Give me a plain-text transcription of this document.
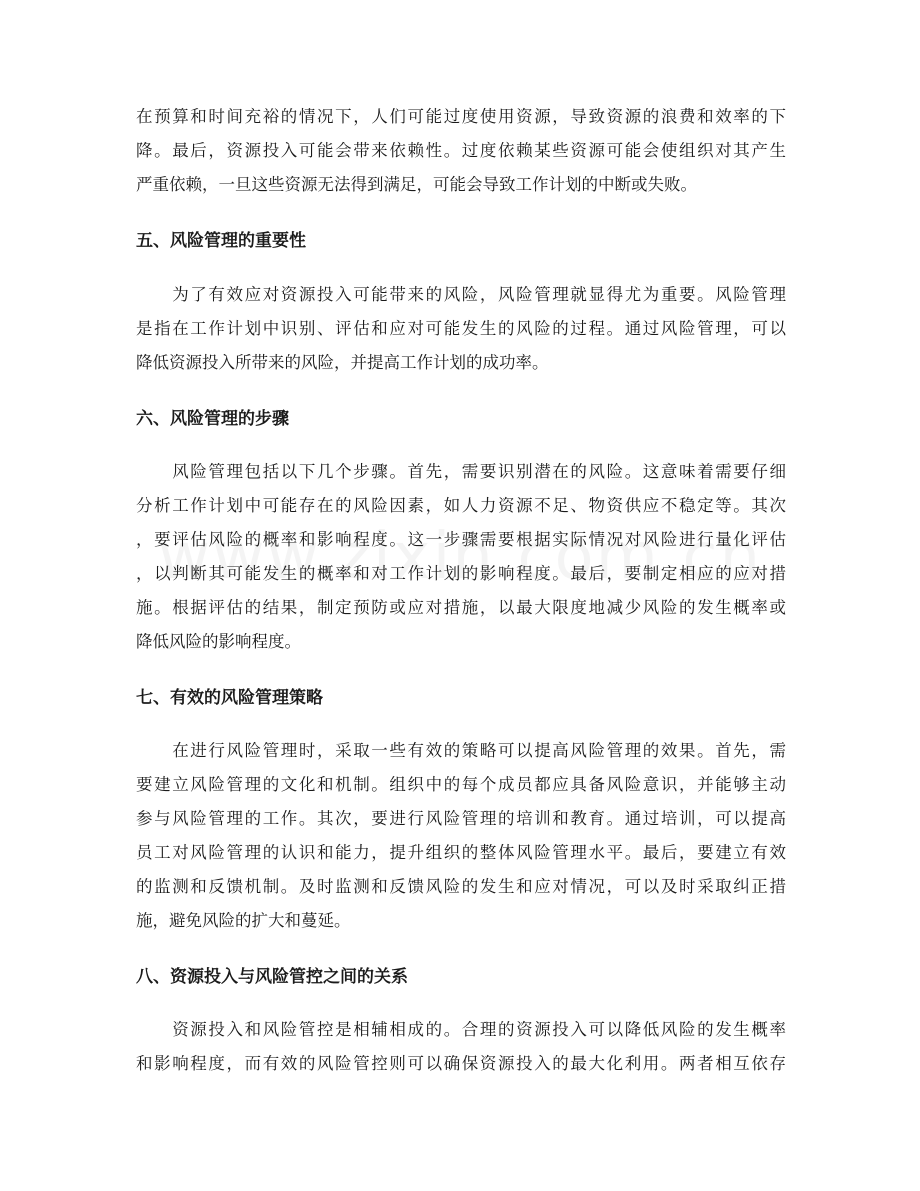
在预算和时间充裕的情况下，人们可能过度使用资源，导致资源的浪费和效率的下
降。最后，资源投入可能会带来依赖性。过度依赖某些资源可能会使组织对其产生
严重依赖，一旦这些资源无法得到满足，可能会导致工作计划的中断或失败。
五、风险管理的重要性
　　为了有效应对资源投入可能带来的风险，风险管理就显得尤为重要。风险管理
是指在工作计划中识别、评估和应对可能发生的风险的过程。通过风险管理，可以
降低资源投入所带来的风险，并提高工作计划的成功率。
六、风险管理的步骤
　　风险管理包括以下几个步骤。首先，需要识别潜在的风险。这意味着需要仔细
分析工作计划中可能存在的风险因素，如人力资源不足、物资供应不稳定等。其次
，要评估风险的概率和影响程度。这一步骤需要根据实际情况对风险进行量化评估
，以判断其可能发生的概率和对工作计划的影响程度。最后，要制定相应的应对措
施。根据评估的结果，制定预防或应对措施，以最大限度地减少风险的发生概率或
降低风险的影响程度。
七、有效的风险管理策略
　　在进行风险管理时，采取一些有效的策略可以提高风险管理的效果。首先，需
要建立风险管理的文化和机制。组织中的每个成员都应具备风险意识，并能够主动
参与风险管理的工作。其次，要进行风险管理的培训和教育。通过培训，可以提高
员工对风险管理的认识和能力，提升组织的整体风险管理水平。最后，要建立有效
的监测和反馈机制。及时监测和反馈风险的发生和应对情况，可以及时采取纠正措
施，避免风险的扩大和蔓延。
八、资源投入与风险管控之间的关系
　　资源投入和风险管控是相辅相成的。合理的资源投入可以降低风险的发生概率
和影响程度，而有效的风险管控则可以确保资源投入的最大化利用。两者相互依存
